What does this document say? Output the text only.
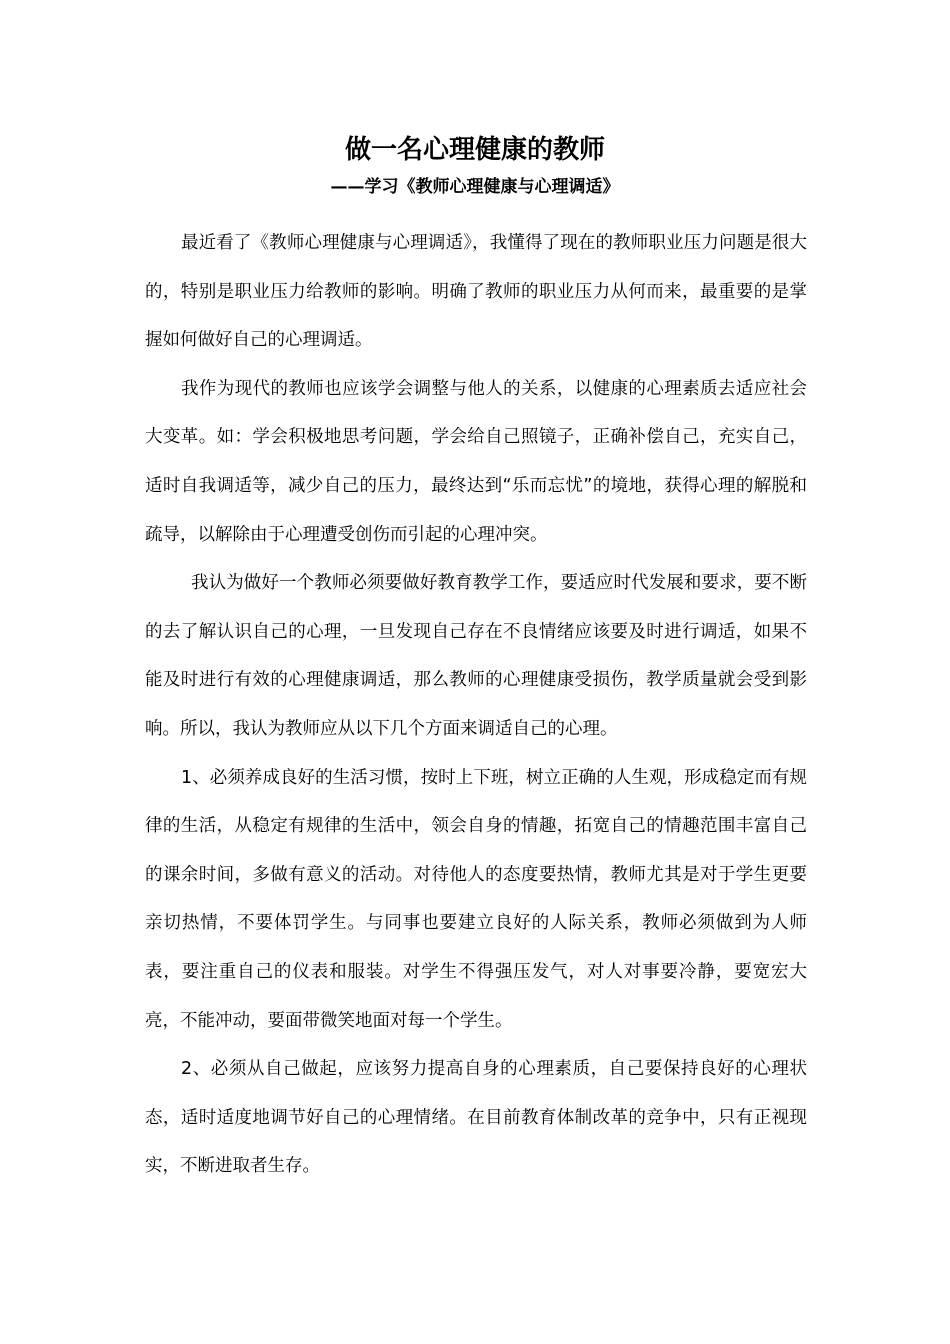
做一名心理健康的教师
——学习《教师心理健康与心理调适》

最近看了《教师心理健康与心理调适》，我懂得了现在的教师职业压力问题是很大的，特别是职业压力给教师的影响。明确了教师的职业压力从何而来，最重要的是掌握如何做好自己的心理调适。

我作为现代的教师也应该学会调整与他人的关系，以健康的心理素质去适应社会大变革。如：学会积极地思考问题，学会给自己照镜子，正确补偿自己，充实自己，适时自我调适等，减少自己的压力，最终达到“乐而忘忧”的境地，获得心理的解脱和疏导，以解除由于心理遭受创伤而引起的心理冲突。

我认为做好一个教师必须要做好教育教学工作，要适应时代发展和要求，要不断的去了解认识自己的心理，一旦发现自己存在不良情绪应该要及时进行调适，如果不能及时进行有效的心理健康调适，那么教师的心理健康受损伤，教学质量就会受到影响。所以，我认为教师应从以下几个方面来调适自己的心理。

1、必须养成良好的生活习惯，按时上下班，树立正确的人生观，形成稳定而有规律的生活，从稳定有规律的生活中，领会自身的情趣，拓宽自己的情趣范围丰富自己的课余时间，多做有意义的活动。对待他人的态度要热情，教师尤其是对于学生更要亲切热情，不要体罚学生。与同事也要建立良好的人际关系，教师必须做到为人师表，要注重自己的仪表和服装。对学生不得强压发气，对人对事要冷静，要宽宏大亮，不能冲动，要面带微笑地面对每一个学生。

2、必须从自己做起，应该努力提高自身的心理素质，自己要保持良好的心理状态，适时适度地调节好自己的心理情绪。在目前教育体制改革的竞争中，只有正视现实，不断进取者生存。
